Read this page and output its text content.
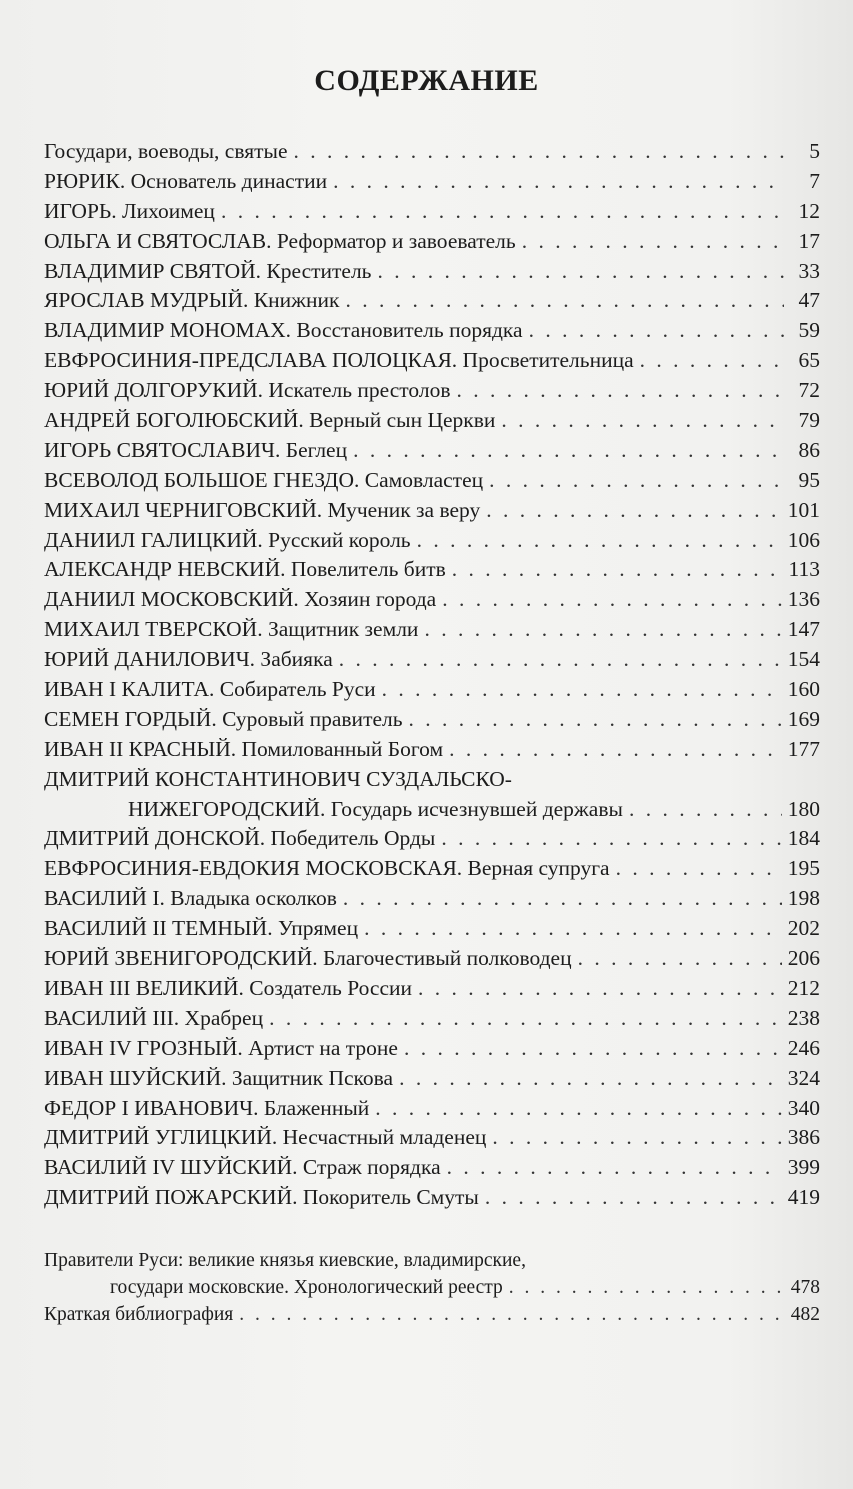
СОДЕРЖАНИЕ
Государи, воеводы, святые . . .	5
РЮРИК. Основатель династии . . .	7
ИГОРЬ. Лихоимец . . .	12
ОЛЬГА И СВЯТОСЛАВ. Реформатор и завоеватель . . .	17
ВЛАДИМИР СВЯТОЙ. Креститель . . .	33
ЯРОСЛАВ МУДРЫЙ. Книжник . . .	47
ВЛАДИМИР МОНОМАХ. Восстановитель порядка . . .	59
ЕВФРОСИНИЯ-ПРЕДСЛАВА ПОЛОЦКАЯ. Просветительница . . .	65
ЮРИЙ ДОЛГОРУКИЙ. Искатель престолов . . .	72
АНДРЕЙ БОГОЛЮБСКИЙ. Верный сын Церкви . . .	79
ИГОРЬ СВЯТОСЛАВИЧ. Беглец . . .	86
ВСЕВОЛОД БОЛЬШОЕ ГНЕЗДО. Самовластец . . .	95
МИХАИЛ ЧЕРНИГОВСКИЙ. Мученик за веру . . .	101
ДАНИИЛ ГАЛИЦКИЙ. Русский король . . .	106
АЛЕКСАНДР НЕВСКИЙ. Повелитель битв . . .	113
ДАНИИЛ МОСКОВСКИЙ. Хозяин города . . .	136
МИХАИЛ ТВЕРСКОЙ. Защитник земли . . .	147
ЮРИЙ ДАНИЛОВИЧ. Забияка . . .	154
ИВАН I КАЛИТА. Собиратель Руси . . .	160
СЕМЕН ГОРДЫЙ. Суровый правитель . . .	169
ИВАН II КРАСНЫЙ. Помилованный Богом . . .	177
ДМИТРИЙ КОНСТАНТИНОВИЧ СУЗДАЛЬСКО-
НИЖЕГОРОДСКИЙ. Государь исчезнувшей державы . . .	180
ДМИТРИЙ ДОНСКОЙ. Победитель Орды . . .	184
ЕВФРОСИНИЯ-ЕВДОКИЯ МОСКОВСКАЯ. Верная супруга . . .	195
ВАСИЛИЙ I. Владыка осколков . . .	198
ВАСИЛИЙ II ТЕМНЫЙ. Упрямец . . .	202
ЮРИЙ ЗВЕНИГОРОДСКИЙ. Благочестивый полководец . . .	206
ИВАН III ВЕЛИКИЙ. Создатель России . . .	212
ВАСИЛИЙ III. Храбрец . . .	238
ИВАН IV ГРОЗНЫЙ. Артист на троне . . .	246
ИВАН ШУЙСКИЙ. Защитник Пскова . . .	324
ФЕДОР I ИВАНОВИЧ. Блаженный . . .	340
ДМИТРИЙ УГЛИЦКИЙ. Несчастный младенец . . .	386
ВАСИЛИЙ IV ШУЙСКИЙ. Страж порядка . . .	399
ДМИТРИЙ ПОЖАРСКИЙ. Покоритель Смуты . . .	419
Правители Руси: великие князья киевские, владимирские,
государи московские. Хронологический реестр . . .	478
Краткая библиография . . .	482
